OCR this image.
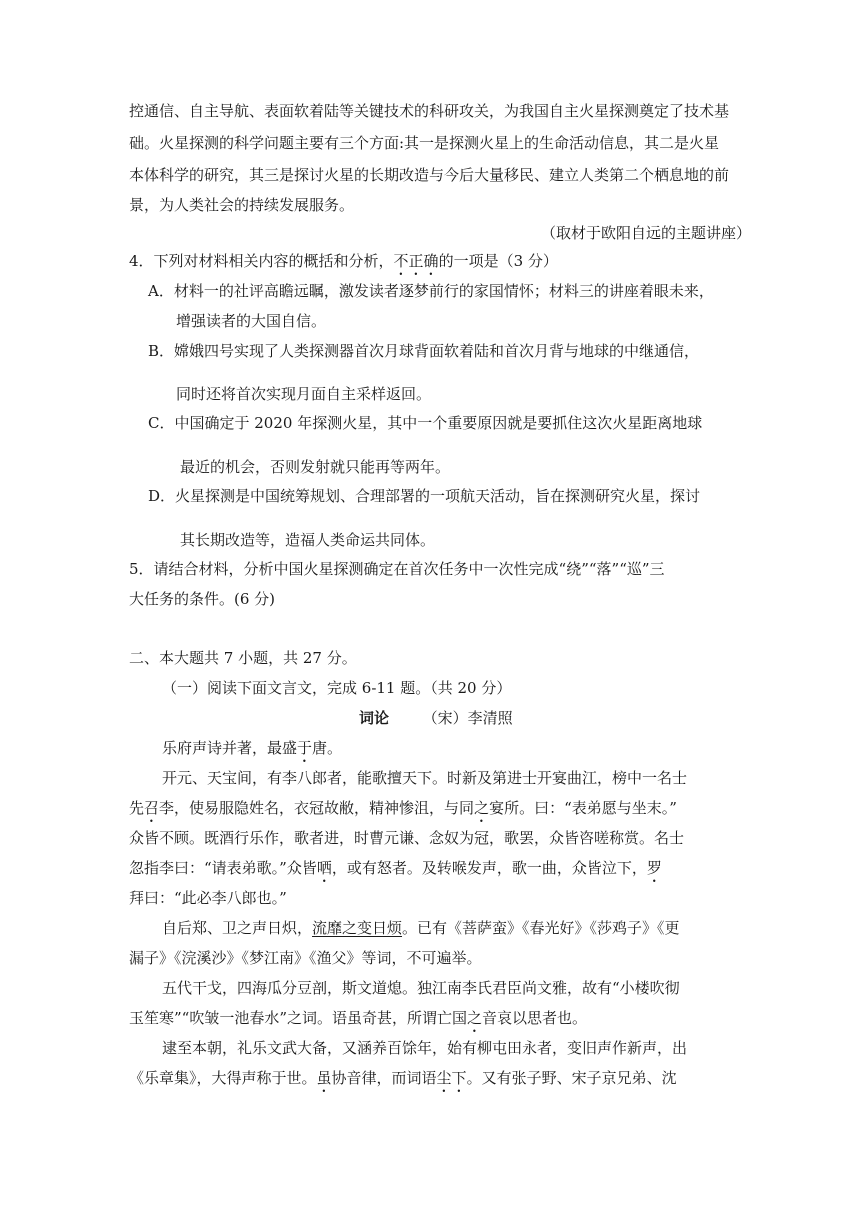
控通信、自主导航、表面软着陆等关键技术的科研攻关，为我国自主火星探测奠定了技术基
础。火星探测的科学问题主要有三个方面:其一是探测火星上的生命活动信息，其二是火星
本体科学的研究，其三是探讨火星的长期改造与今后大量移民、建立人类第二个栖息地的前
景，为人类社会的持续发展服务。
（取材于欧阳自远的主题讲座）
4．下列对材料相关内容的概括和分析，不正确的一项是（3 分）
A．材料一的社评高瞻远瞩，激发读者逐梦前行的家国情怀；材料三的讲座着眼未来，
增强读者的大国自信。
B．嫦娥四号实现了人类探测器首次月球背面软着陆和首次月背与地球的中继通信，
同时还将首次实现月面自主采样返回。
C．中国确定于 2020 年探测火星，其中一个重要原因就是要抓住这次火星距离地球
最近的机会，否则发射就只能再等两年。
D．火星探测是中国统筹规划、合理部署的一项航天活动，旨在探测研究火星，探讨
其长期改造等，造福人类命运共同体。
5．请结合材料，分析中国火星探测确定在首次任务中一次性完成“绕”“落”“巡”三
大任务的条件。(6 分)
二、本大题共 7 小题，共 27 分。
（一）阅读下面文言文，完成 6-11 题。（共 20 分）
词论 （宋）李清照
乐府声诗并著，最盛于唐。
开元、天宝间，有李八郎者，能歌擅天下。时新及第进士开宴曲江，榜中一名士
先召李，使易服隐姓名，衣冠故敝，精神惨沮，与同之宴所。曰：“表弟愿与坐末。”
众皆不顾。既酒行乐作，歌者进，时曹元谦、念奴为冠，歌罢，众皆咨嗟称赏。名士
忽指李曰：“请表弟歌。”众皆哂，或有怒者。及转喉发声，歌一曲，众皆泣下，罗
拜曰：“此必李八郎也。”
自后郑、卫之声日炽，流靡之变日烦。已有《菩萨蛮》《春光好》《莎鸡子》《更
漏子》《浣溪沙》《梦江南》《渔父》等词，不可遍举。
五代干戈，四海瓜分豆剖，斯文道熄。独江南李氏君臣尚文雅，故有“小楼吹彻
玉笙寒”“吹皱一池春水”之词。语虽奇甚，所谓亡国之音哀以思者也。
逮至本朝，礼乐文武大备，又涵养百馀年，始有柳屯田永者，变旧声作新声，出
《乐章集》，大得声称于世。虽协音律，而词语尘下。又有张子野、宋子京兄弟、沈
